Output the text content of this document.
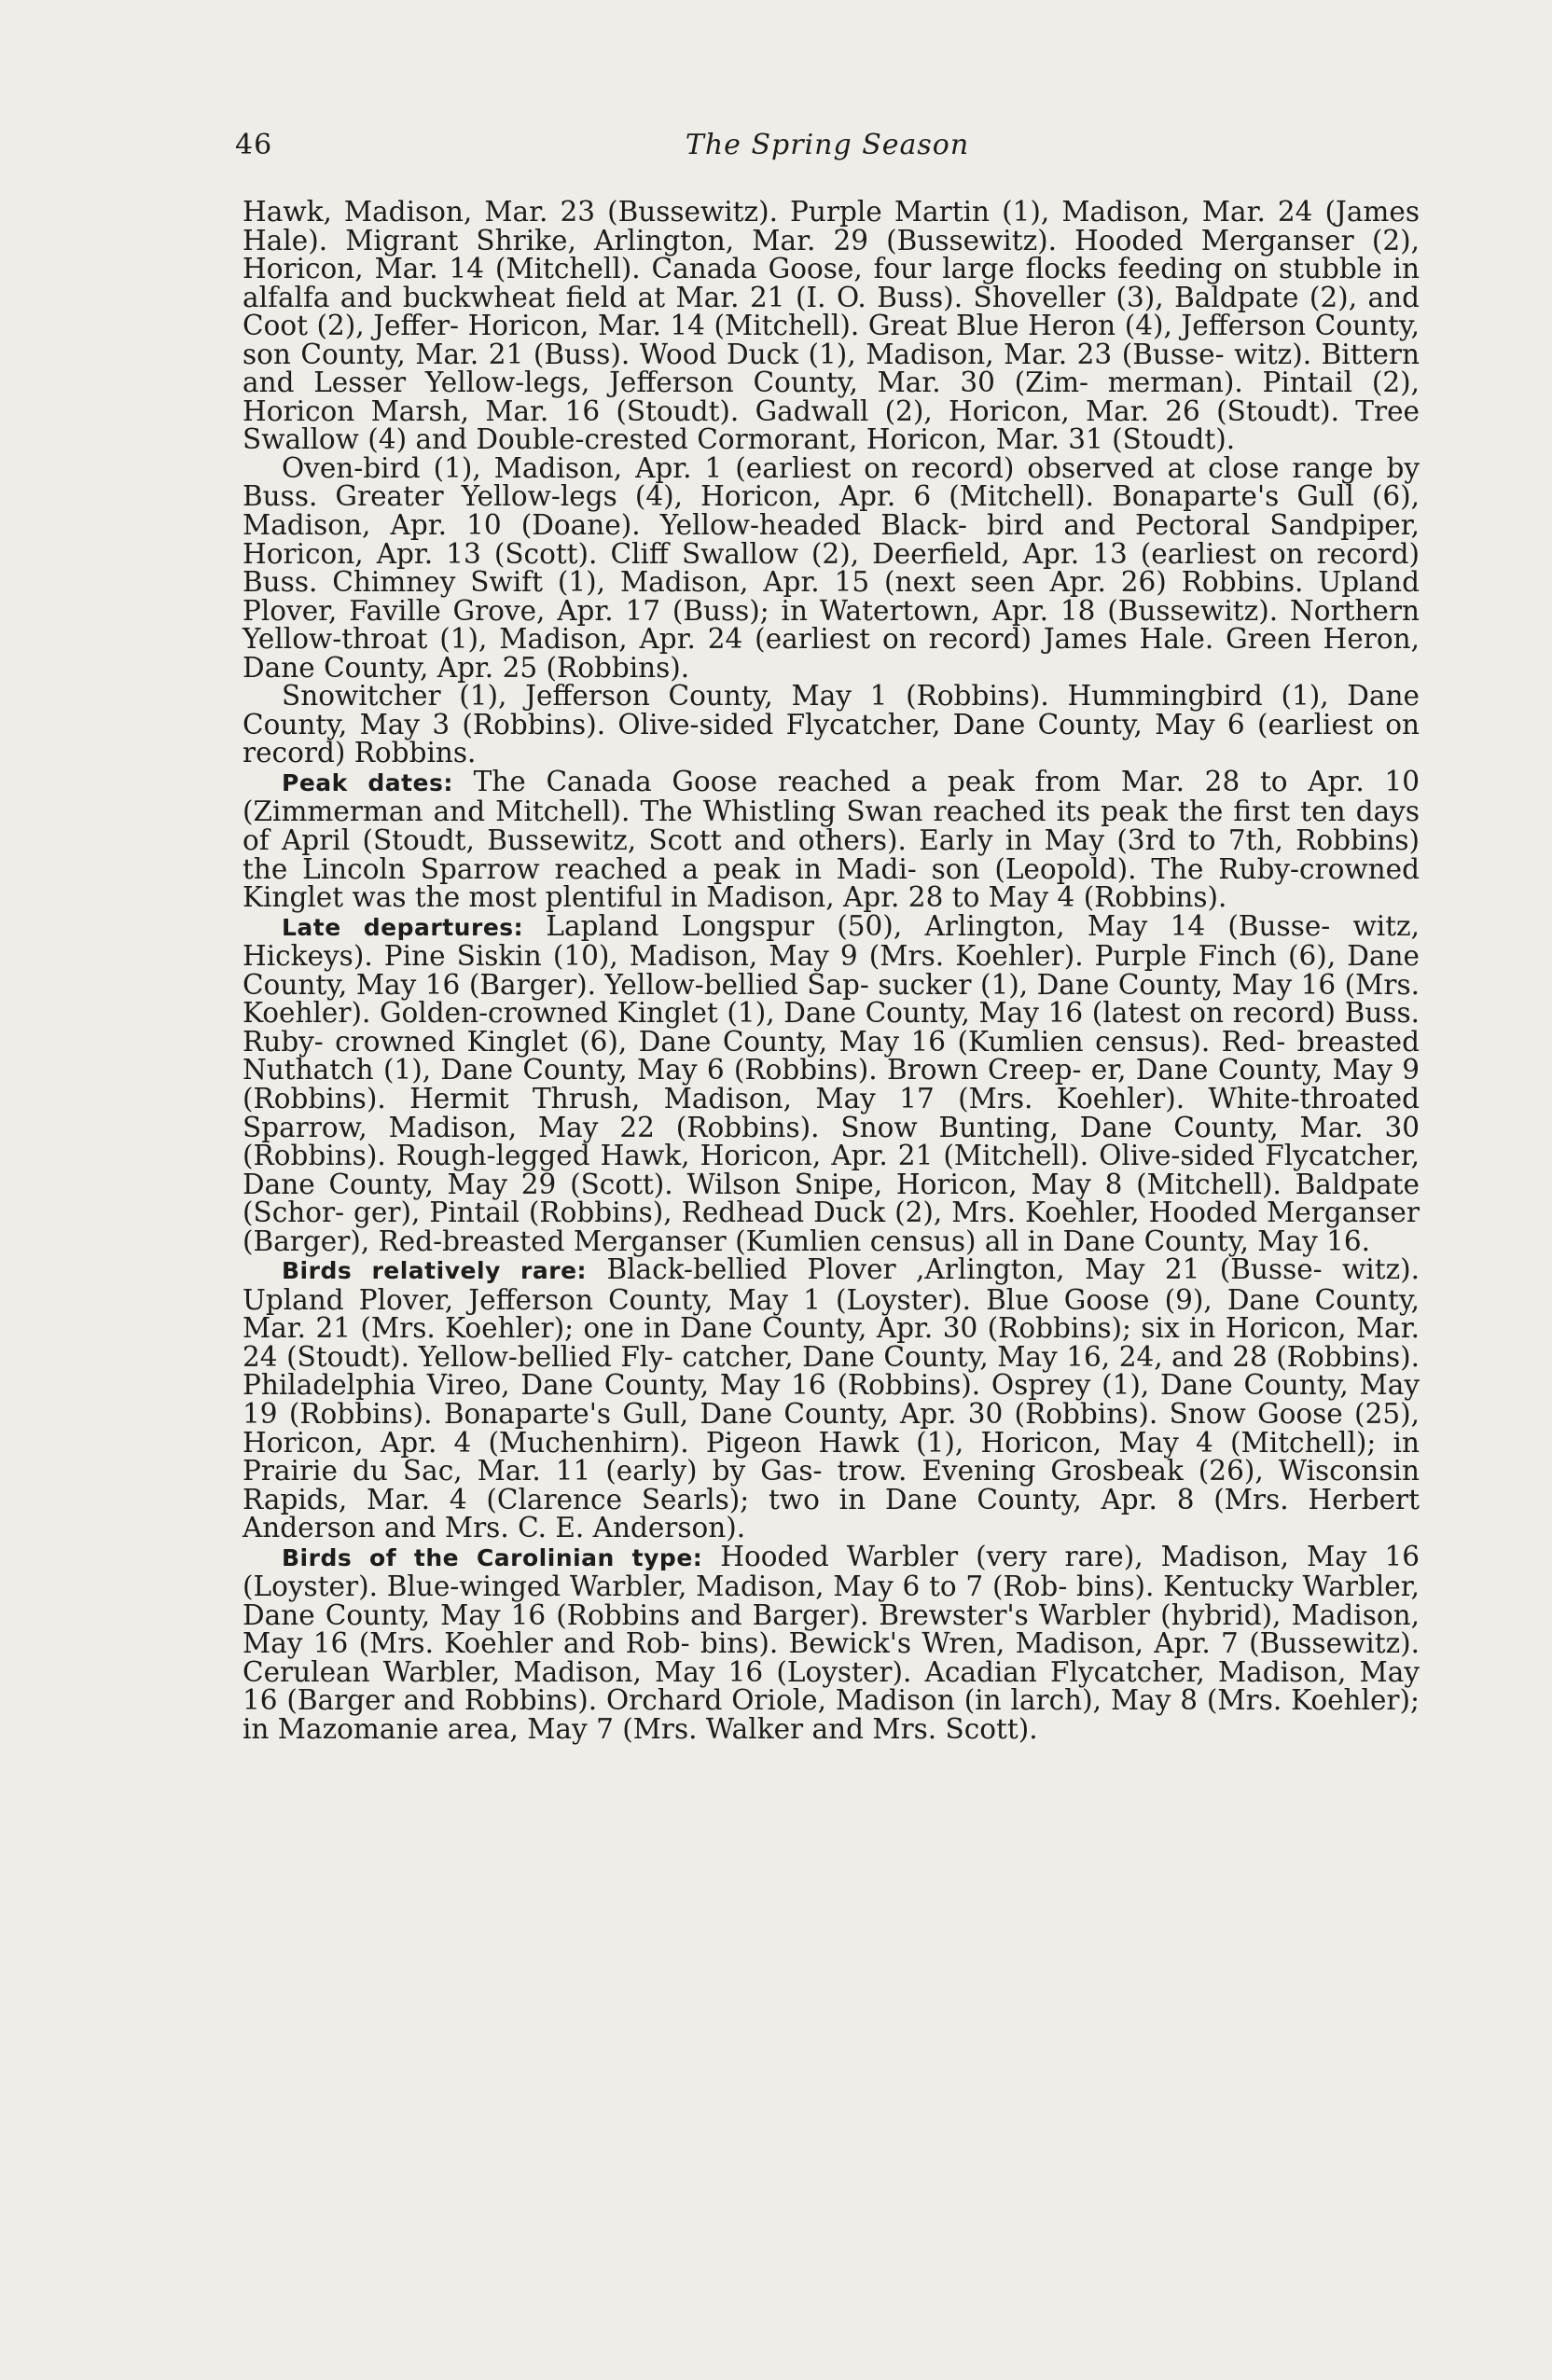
46	The Spring Season

Hawk, Madison, Mar. 23 (Bussewitz). Purple Martin (1), Madison, Mar. 24 (James Hale). Migrant Shrike, Arlington, Mar. 29 (Bussewitz). Hooded Merganser (2), Horicon, Mar. 14 (Mitchell). Canada Goose, four large flocks feeding on stubble in alfalfa and buckwheat field at Mar. 21 (I. O. Buss). Shoveller (3), Baldpate (2), and Coot (2), Jeffer- Horicon, Mar. 14 (Mitchell). Great Blue Heron (4), Jefferson County, son County, Mar. 21 (Buss). Wood Duck (1), Madison, Mar. 23 (Busse- witz). Bittern and Lesser Yellow-legs, Jefferson County, Mar. 30 (Zim- merman). Pintail (2), Horicon Marsh, Mar. 16 (Stoudt). Gadwall (2), Horicon, Mar. 26 (Stoudt). Tree Swallow (4) and Double-crested Cormorant, Horicon, Mar. 31 (Stoudt).

Oven-bird (1), Madison, Apr. 1 (earliest on record) observed at close range by Buss. Greater Yellow-legs (4), Horicon, Apr. 6 (Mitchell). Bonaparte's Gull (6), Madison, Apr. 10 (Doane). Yellow-headed Black- bird and Pectoral Sandpiper, Horicon, Apr. 13 (Scott). Cliff Swallow (2), Deerfield, Apr. 13 (earliest on record) Buss. Chimney Swift (1), Madison, Apr. 15 (next seen Apr. 26) Robbins. Upland Plover, Faville Grove, Apr. 17 (Buss); in Watertown, Apr. 18 (Bussewitz). Northern Yellow-throat (1), Madison, Apr. 24 (earliest on record) James Hale. Green Heron, Dane County, Apr. 25 (Robbins).

Snowitcher (1), Jefferson County, May 1 (Robbins). Hummingbird (1), Dane County, May 3 (Robbins). Olive-sided Flycatcher, Dane County, May 6 (earliest on record) Robbins.

Peak dates: The Canada Goose reached a peak from Mar. 28 to Apr. 10 (Zimmerman and Mitchell). The Whistling Swan reached its peak the first ten days of April (Stoudt, Bussewitz, Scott and others). Early in May (3rd to 7th, Robbins) the Lincoln Sparrow reached a peak in Madi- son (Leopold). The Ruby-crowned Kinglet was the most plentiful in Madison, Apr. 28 to May 4 (Robbins).

Late departures: Lapland Longspur (50), Arlington, May 14 (Busse- witz, Hickeys). Pine Siskin (10), Madison, May 9 (Mrs. Koehler). Purple Finch (6), Dane County, May 16 (Barger). Yellow-bellied Sap- sucker (1), Dane County, May 16 (Mrs. Koehler). Golden-crowned Kinglet (1), Dane County, May 16 (latest on record) Buss. Ruby- crowned Kinglet (6), Dane County, May 16 (Kumlien census). Red- breasted Nuthatch (1), Dane County, May 6 (Robbins). Brown Creep- er, Dane County, May 9 (Robbins). Hermit Thrush, Madison, May 17 (Mrs. Koehler). White-throated Sparrow, Madison, May 22 (Robbins). Snow Bunting, Dane County, Mar. 30 (Robbins). Rough-legged Hawk, Horicon, Apr. 21 (Mitchell). Olive-sided Flycatcher, Dane County, May 29 (Scott). Wilson Snipe, Horicon, May 8 (Mitchell). Baldpate (Schor- ger), Pintail (Robbins), Redhead Duck (2), Mrs. Koehler, Hooded Merganser (Barger), Red-breasted Merganser (Kumlien census) all in Dane County, May 16.

Birds relatively rare: Black-bellied Plover ,Arlington, May 21 (Busse- witz). Upland Plover, Jefferson County, May 1 (Loyster). Blue Goose (9), Dane County, Mar. 21 (Mrs. Koehler); one in Dane County, Apr. 30 (Robbins); six in Horicon, Mar. 24 (Stoudt). Yellow-bellied Fly- catcher, Dane County, May 16, 24, and 28 (Robbins). Philadelphia Vireo, Dane County, May 16 (Robbins). Osprey (1), Dane County, May 19 (Robbins). Bonaparte's Gull, Dane County, Apr. 30 (Robbins). Snow Goose (25), Horicon, Apr. 4 (Muchenhirn). Pigeon Hawk (1), Horicon, May 4 (Mitchell); in Prairie du Sac, Mar. 11 (early) by Gas- trow. Evening Grosbeak (26), Wisconsin Rapids, Mar. 4 (Clarence Searls); two in Dane County, Apr. 8 (Mrs. Herbert Anderson and Mrs. C. E. Anderson).

Birds of the Carolinian type: Hooded Warbler (very rare), Madison, May 16 (Loyster). Blue-winged Warbler, Madison, May 6 to 7 (Rob- bins). Kentucky Warbler, Dane County, May 16 (Robbins and Barger). Brewster's Warbler (hybrid), Madison, May 16 (Mrs. Koehler and Rob- bins). Bewick's Wren, Madison, Apr. 7 (Bussewitz). Cerulean Warbler, Madison, May 16 (Loyster). Acadian Flycatcher, Madison, May 16 (Barger and Robbins). Orchard Oriole, Madison (in larch), May 8 (Mrs. Koehler); in Mazomanie area, May 7 (Mrs. Walker and Mrs. Scott).
